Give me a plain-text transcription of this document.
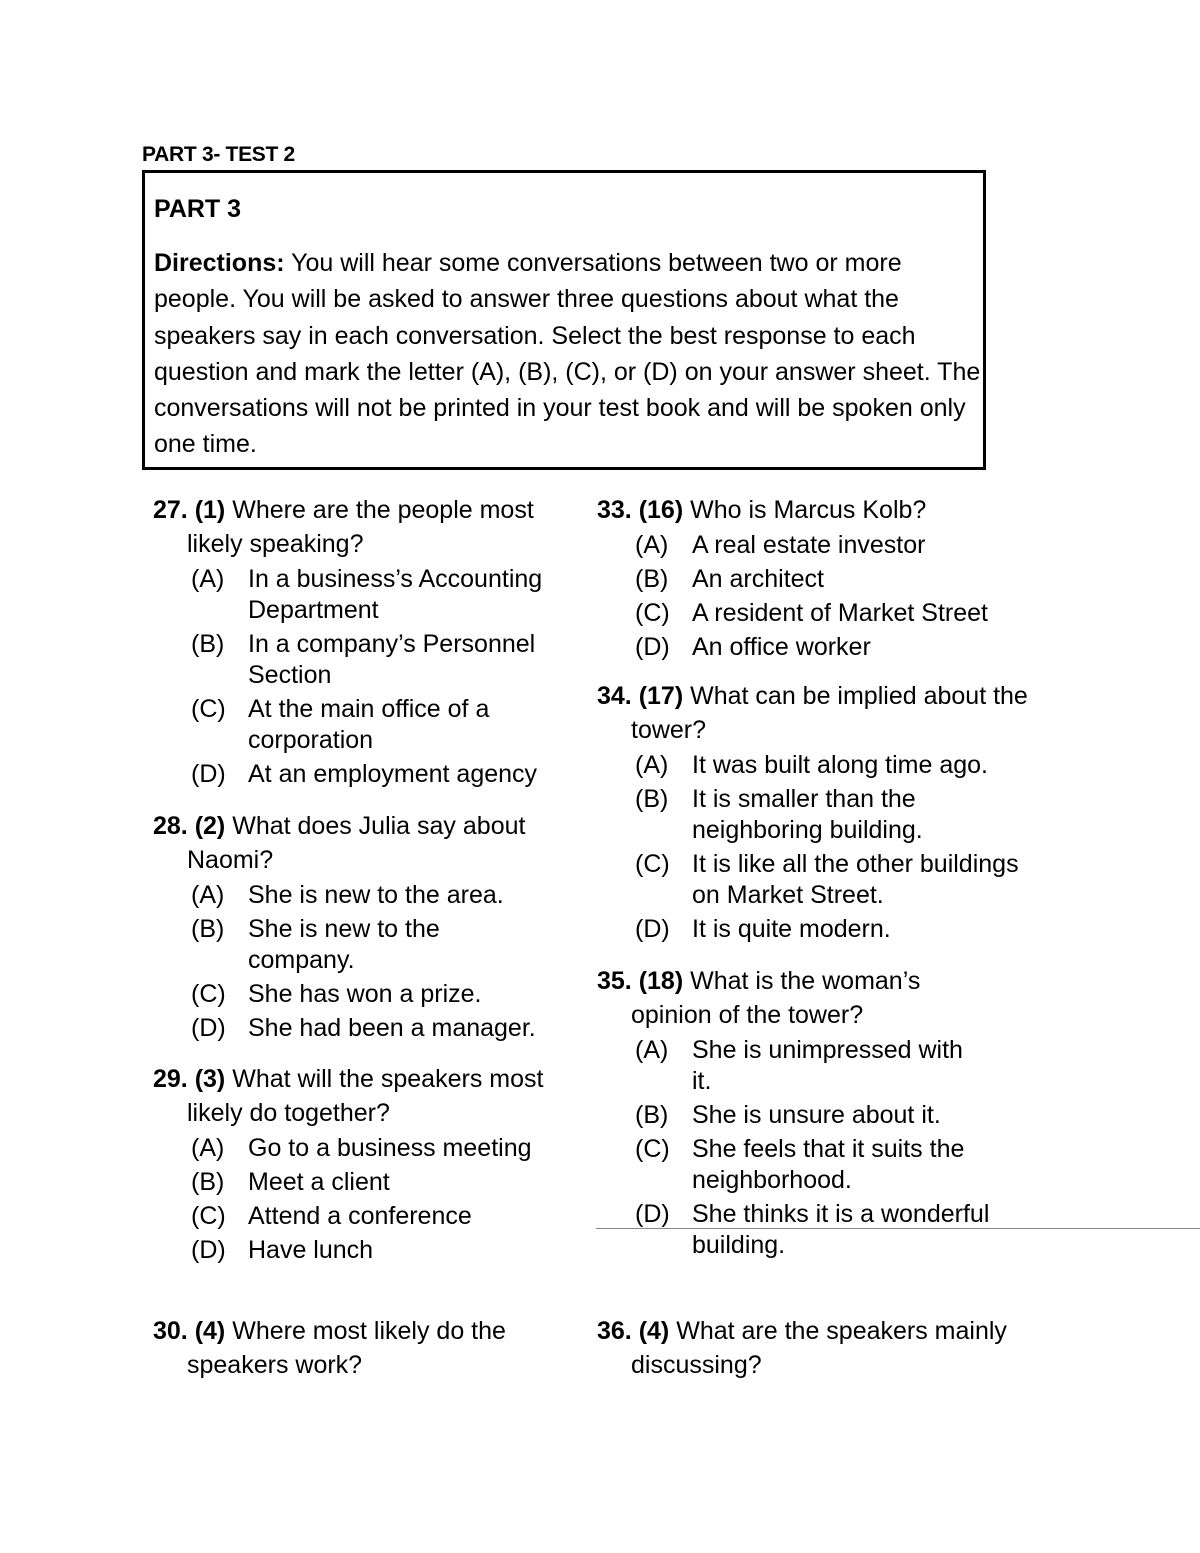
PART 3- TEST 2
PART 3
Directions: You will hear some conversations between two or more people. You will be asked to answer three questions about what the speakers say in each conversation. Select the best response to each question and mark the letter (A), (B), (C), or (D) on your answer sheet. The conversations will not be printed in your test book and will be spoken only one time.
27. (1) Where are the people most likely speaking?
(A) In a business’s Accounting Department
(B) In a company’s Personnel Section
(C) At the main office of a corporation
(D) At an employment agency
28. (2) What does Julia say about Naomi?
(A) She is new to the area.
(B) She is new to the company.
(C) She has won a prize.
(D) She had been a manager.
29. (3) What will the speakers most likely do together?
(A) Go to a business meeting
(B) Meet a client
(C) Attend a conference
(D) Have lunch
30. (4) Where most likely do the speakers work?
33. (16) Who is Marcus Kolb?
(A) A real estate investor
(B) An architect
(C) A resident of Market Street
(D) An office worker
34. (17) What can be implied about the tower?
(A) It was built along time ago.
(B) It is smaller than the neighboring building.
(C) It is like all the other buildings on Market Street.
(D) It is quite modern.
35. (18) What is the woman’s opinion of the tower?
(A) She is unimpressed with it.
(B) She is unsure about it.
(C) She feels that it suits the neighborhood.
(D) She thinks it is a wonderful building.
36. (4) What are the speakers mainly discussing?
